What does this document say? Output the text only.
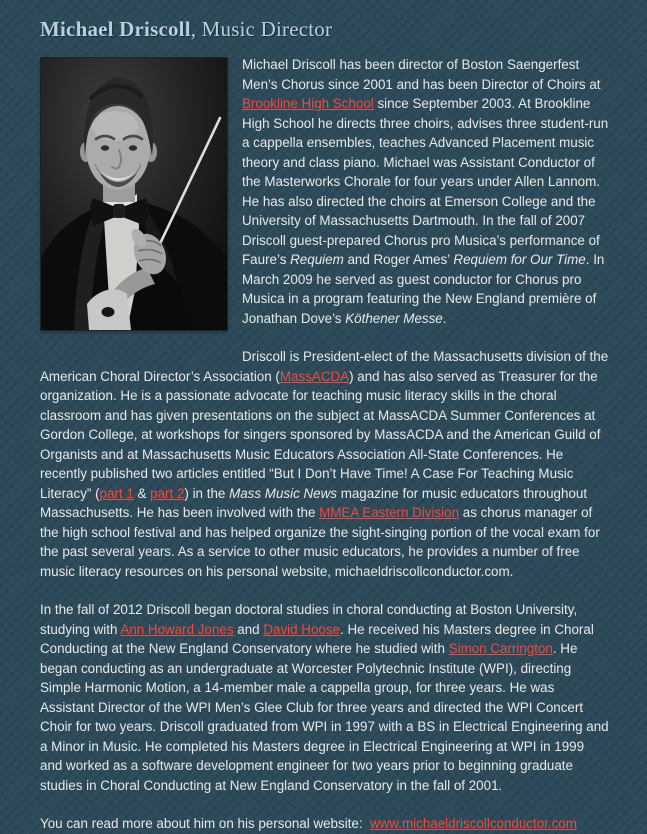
Michael Driscoll, Music Director

Michael Driscoll has been director of Boston Saengerfest Men’s Chorus since 2001 and has been Director of Choirs at Brookline High School since September 2003. At Brookline High School he directs three choirs, advises three student-run a cappella ensembles, teaches Advanced Placement music theory and class piano. Michael was Assistant Conductor of the Masterworks Chorale for four years under Allen Lannom. He has also directed the choirs at Emerson College and the University of Massachusetts Dartmouth. In the fall of 2007 Driscoll guest-prepared Chorus pro Musica’s performance of Faure’s Requiem and Roger Ames’ Requiem for Our Time. In March 2009 he served as guest conductor for Chorus pro Musica in a program featuring the New England première of Jonathan Dove’s Köthener Messe.

Driscoll is President-elect of the Massachusetts division of the American Choral Director’s Association (MassACDA) and has also served as Treasurer for the organization. He is a passionate advocate for teaching music literacy skills in the choral classroom and has given presentations on the subject at MassACDA Summer Conferences at Gordon College, at workshops for singers sponsored by MassACDA and the American Guild of Organists and at Massachusetts Music Educators Association All-State Conferences. He recently published two articles entitled “But I Don’t Have Time! A Case For Teaching Music Literacy” (part 1 & part 2) in the Mass Music News magazine for music educators throughout Massachusetts. He has been involved with the MMEA Eastern Division as chorus manager of the high school festival and has helped organize the sight-singing portion of the vocal exam for the past several years. As a service to other music educators, he provides a number of free music literacy resources on his personal website, michaeldriscollconductor.com.

In the fall of 2012 Driscoll began doctoral studies in choral conducting at Boston University, studying with Ann Howard Jones and David Hoose. He received his Masters degree in Choral Conducting at the New England Conservatory where he studied with Simon Carrington. He began conducting as an undergraduate at Worcester Polytechnic Institute (WPI), directing Simple Harmonic Motion, a 14-member male a cappella group, for three years. He was Assistant Director of the WPI Men’s Glee Club for three years and directed the WPI Concert Choir for two years. Driscoll graduated from WPI in 1997 with a BS in Electrical Engineering and a Minor in Music. He completed his Masters degree in Electrical Engineering at WPI in 1999 and worked as a software development engineer for two years prior to beginning graduate studies in Choral Conducting at New England Conservatory in the fall of 2001.

You can read more about him on his personal website:  www.michaeldriscollconductor.com
